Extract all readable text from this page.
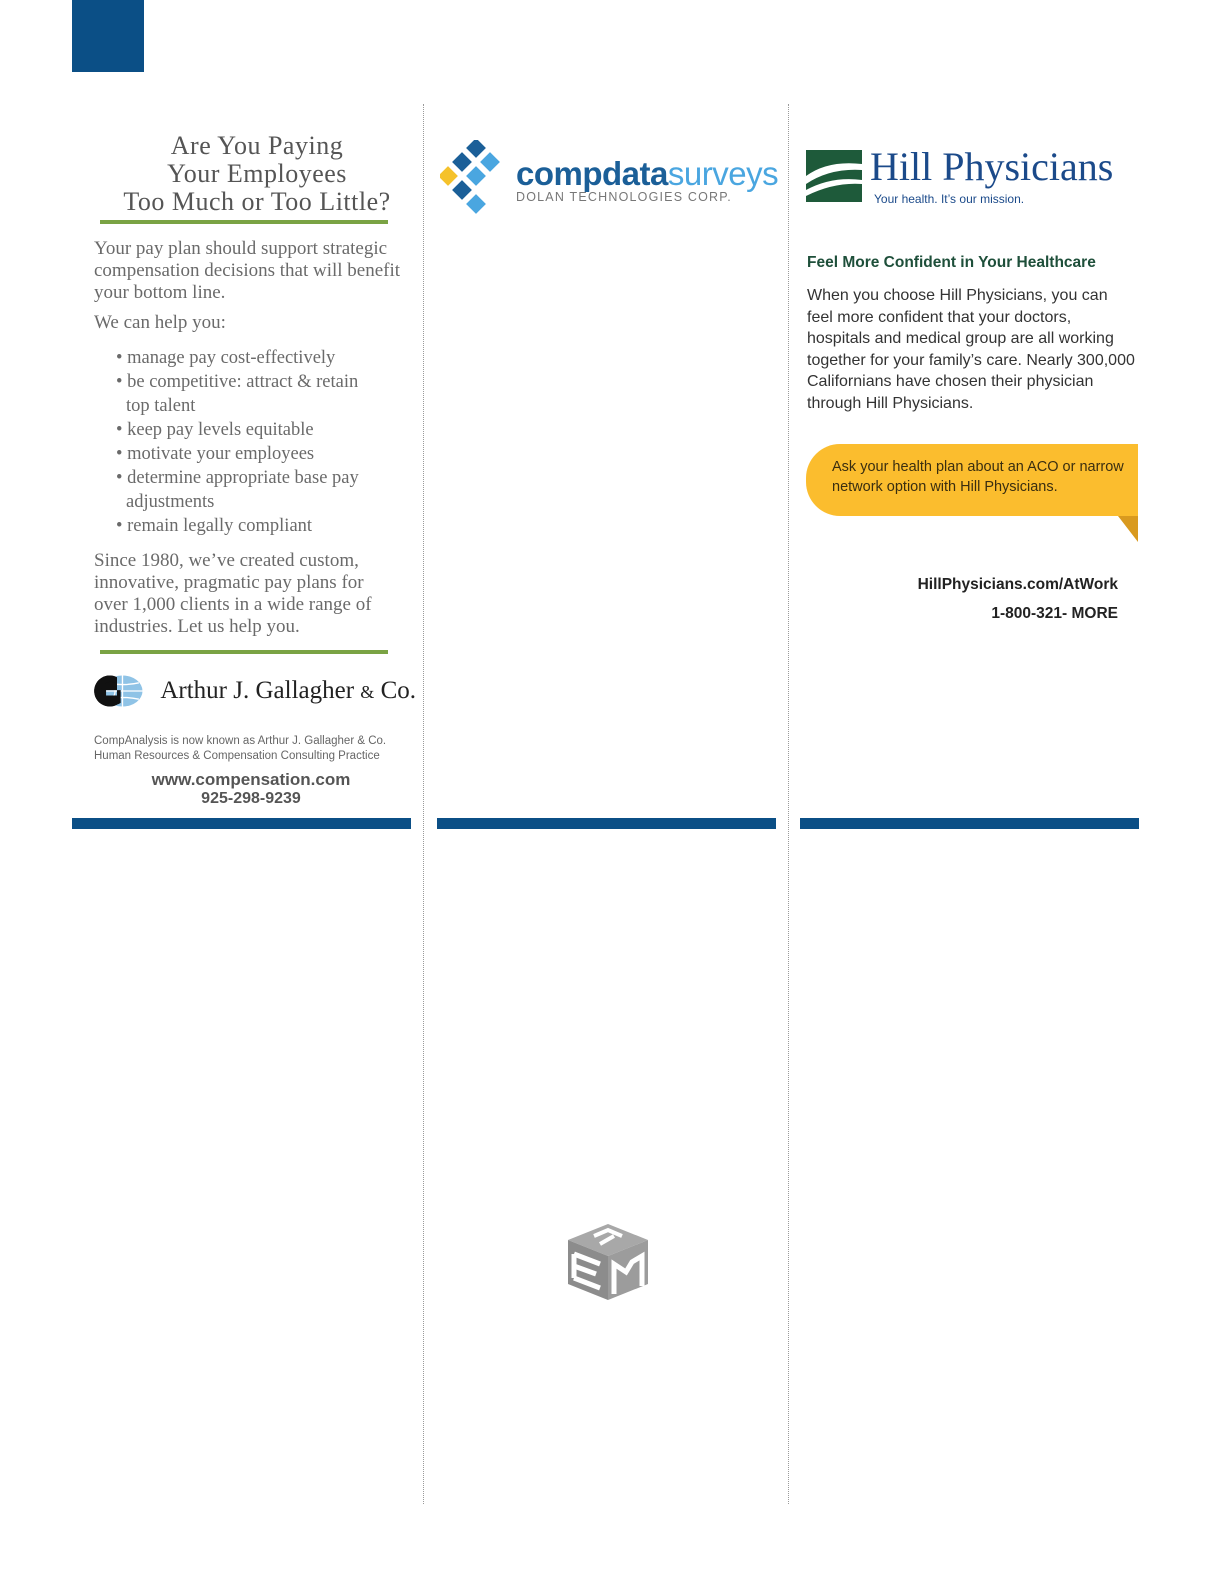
Are You Paying
Your Employees
Too Much or Too Little?
Your pay plan should support strategic compensation decisions that will benefit your bottom line.
We can help you:
• manage pay cost-effectively
• be competitive: attract & retain top talent
• keep pay levels equitable
• motivate your employees
• determine appropriate base pay adjustments
• remain legally compliant
Since 1980, we’ve created custom, innovative, pragmatic pay plans for over 1,000 clients in a wide range of industries. Let us help you.
Arthur J. Gallagher & Co.
CompAnalysis is now known as Arthur J. Gallagher & Co.
Human Resources & Compensation Consulting Practice
www.compensation.com
925-298-9239
compdatasurveys
DOLAN TECHNOLOGIES CORP.
Hill Physicians
Your health. It’s our mission.
Feel More Confident in Your Healthcare
When you choose Hill Physicians, you can feel more confident that your doctors, hospitals and medical group are all working together for your family’s care. Nearly 300,000 Californians have chosen their physician through Hill Physicians.
Ask your health plan about an ACO or narrow network option with Hill Physicians.
HillPhysicians.com/AtWork
1-800-321- MORE
